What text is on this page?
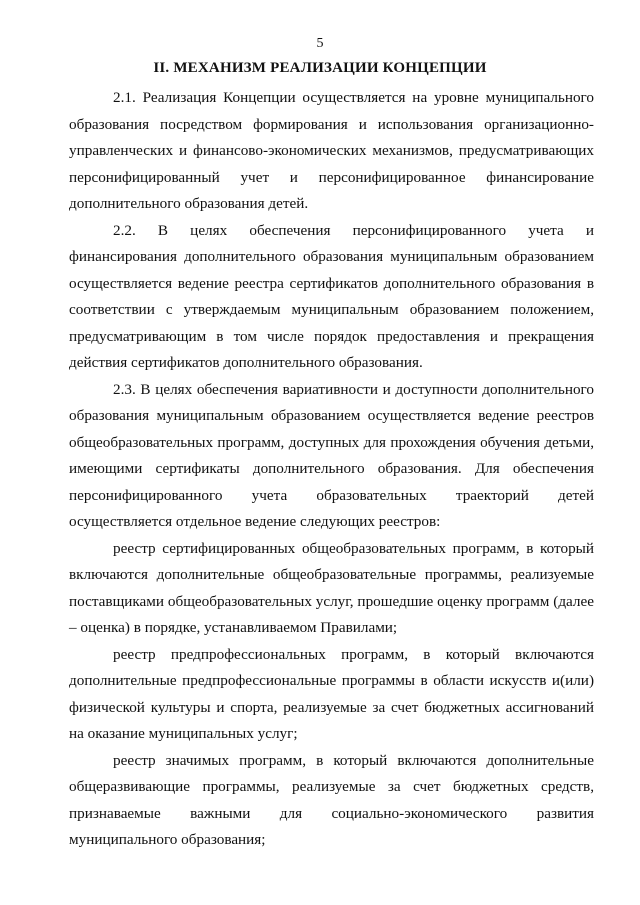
5
II. МЕХАНИЗМ РЕАЛИЗАЦИИ КОНЦЕПЦИИ

2.1. Реализация Концепции осуществляется на уровне муниципального образования посредством формирования и использования организационно-управленческих и финансово-экономических механизмов, предусматривающих персонифицированный учет и персонифицированное финансирование дополнительного образования детей.

2.2. В целях обеспечения персонифицированного учета и финансирования дополнительного образования муниципальным образованием осуществляется ведение реестра сертификатов дополнительного образования в соответствии с утверждаемым муниципальным образованием положением, предусматривающим в том числе порядок предоставления и прекращения действия сертификатов дополнительного образования.

2.3. В целях обеспечения вариативности и доступности дополнительного образования муниципальным образованием осуществляется ведение реестров общеобразовательных программ, доступных для прохождения обучения детьми, имеющими сертификаты дополнительного образования. Для обеспечения персонифицированного учета образовательных траекторий детей осуществляется отдельное ведение следующих реестров:

реестр сертифицированных общеобразовательных программ, в который включаются дополнительные общеобразовательные программы, реализуемые поставщиками общеобразовательных услуг, прошедшие оценку программ (далее – оценка) в порядке, устанавливаемом Правилами;

реестр предпрофессиональных программ, в который включаются дополнительные предпрофессиональные программы в области искусств и(или) физической культуры и спорта, реализуемые за счет бюджетных ассигнований на оказание муниципальных услуг;

реестр значимых программ, в который включаются дополнительные общеразвивающие программы, реализуемые за счет бюджетных средств, признаваемые важными для социально-экономического развития муниципального образования;
